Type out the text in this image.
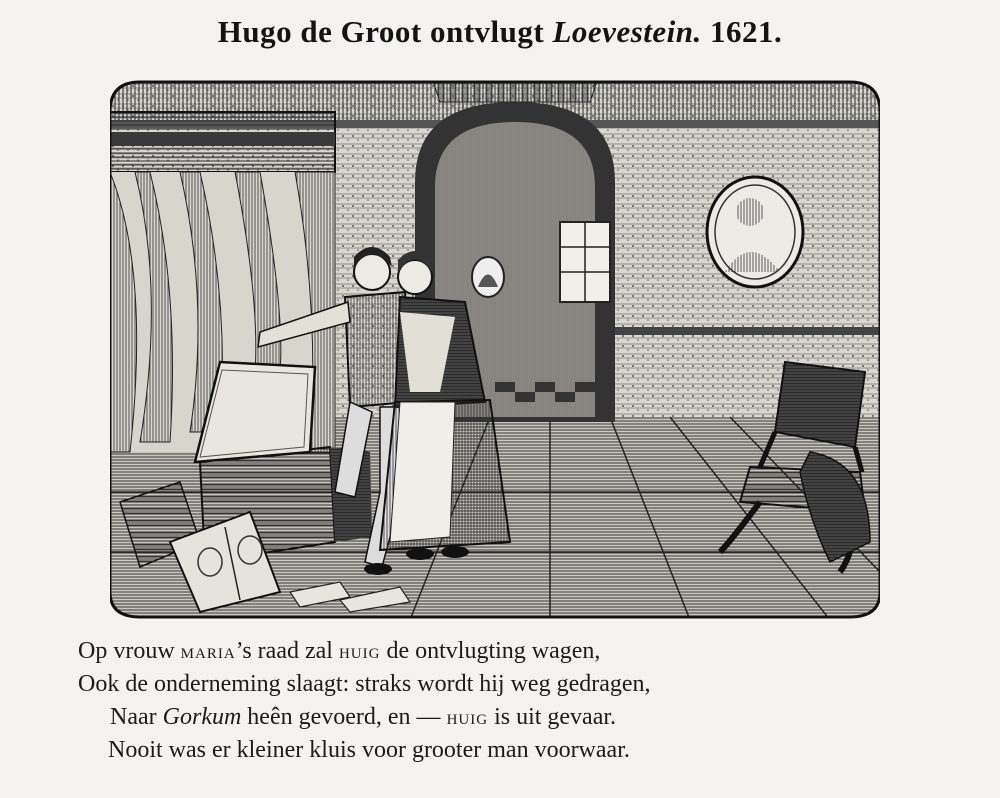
Hugo de Groot ontvlugt Loevestein. 1621.
Op vrouw maria’s raad zal huig de ontvlugting wagen,
Ook de onderneming slaagt: straks wordt hij weg gedragen,
Naar Gorkum heên gevoerd, en — huig is uit gevaar.
Nooit was er kleiner kluis voor grooter man voorwaar.
